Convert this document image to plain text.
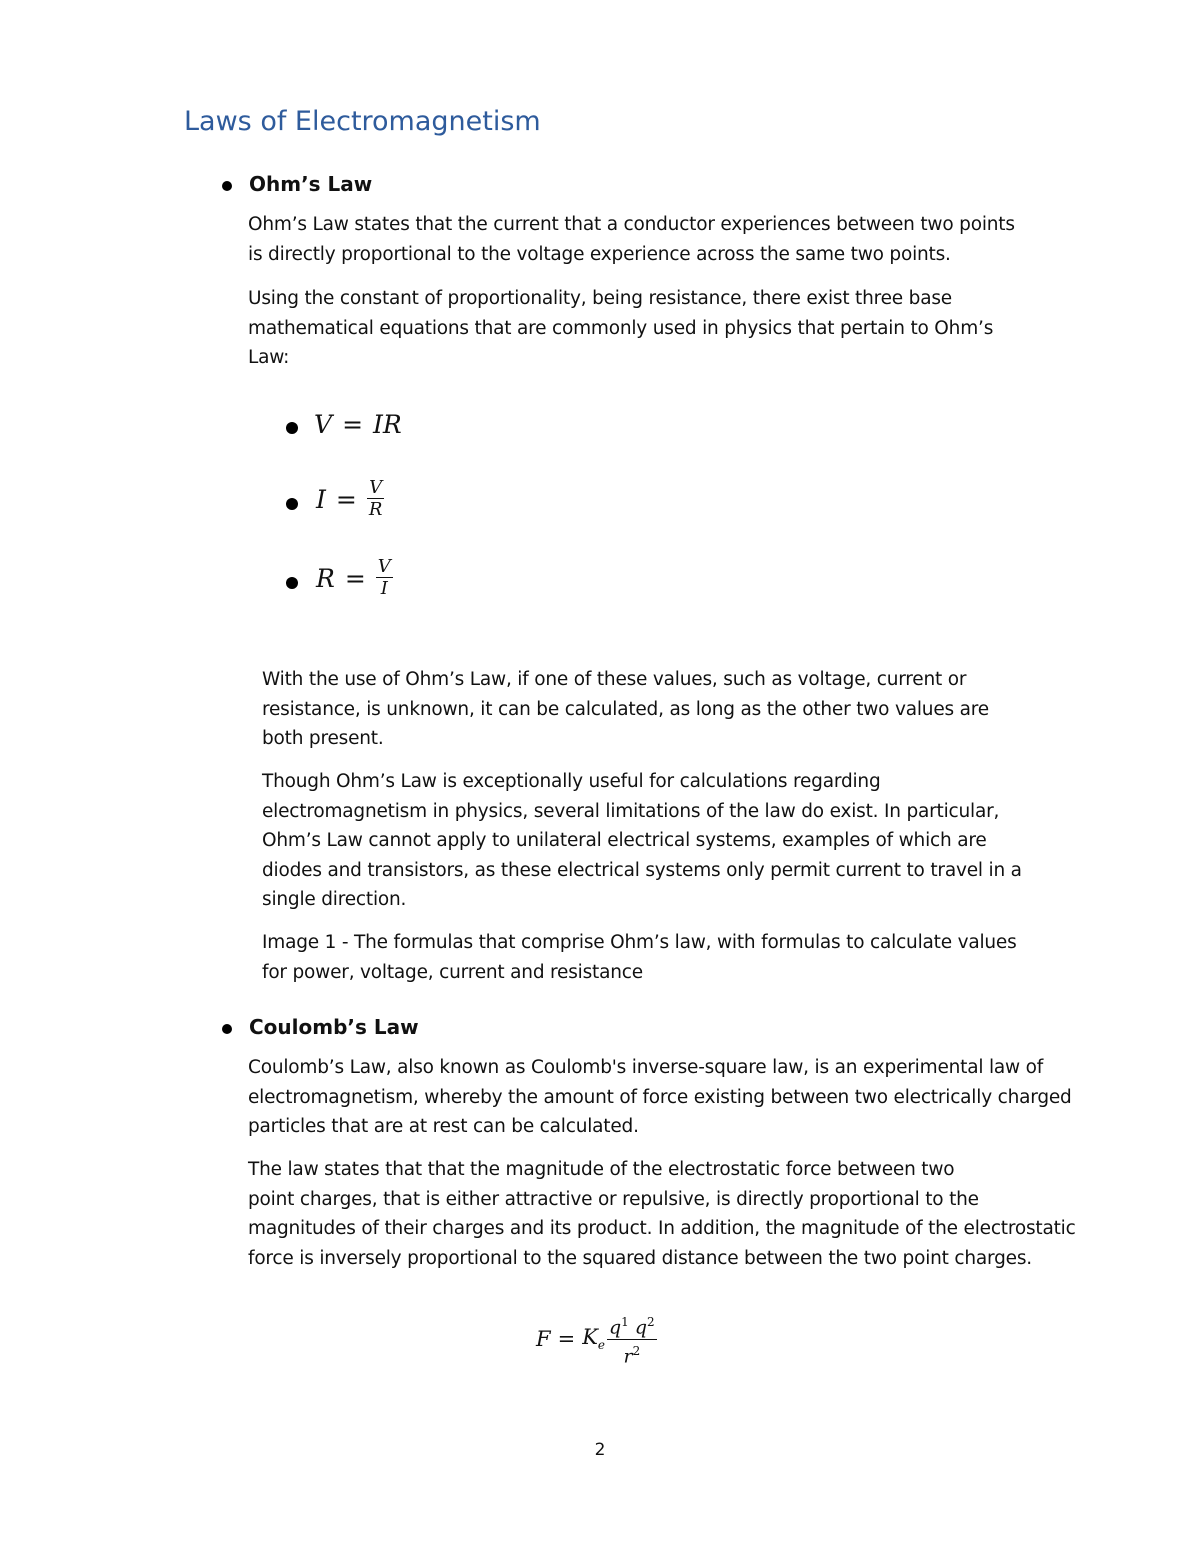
Laws of Electromagnetism
Ohm’s Law
Ohm’s Law states that the current that a conductor experiences between two points
is directly proportional to the voltage experience across the same two points.
Using the constant of proportionality, being resistance, there exist three base
mathematical equations that are commonly used in physics that pertain to Ohm’s
Law:
V = IR
$I = \frac{V}{R}$
$R = \frac{V}{I}$
With the use of Ohm’s Law, if one of these values, such as voltage, current or
resistance, is unknown, it can be calculated, as long as the other two values are
both present.
Though Ohm’s Law is exceptionally useful for calculations regarding
electromagnetism in physics, several limitations of the law do exist. In particular,
Ohm’s Law cannot apply to unilateral electrical systems, examples of which are
diodes and transistors, as these electrical systems only permit current to travel in a
single direction.
Image 1 - The formulas that comprise Ohm’s law, with formulas to calculate values
for power, voltage, current and resistance
Coulomb’s Law
Coulomb’s Law, also known as Coulomb's inverse-square law, is an experimental law of
electromagnetism, whereby the amount of force existing between two electrically charged
particles that are at rest can be calculated.
The law states that that the magnitude of the electrostatic force between two
point charges, that is either attractive or repulsive, is directly proportional to the
magnitudes of their charges and its product. In addition, the magnitude of the electrostatic
force is inversely proportional to the squared distance between the two point charges.
$F = K_e \frac{q^1 q^2}{r^2}$
2
